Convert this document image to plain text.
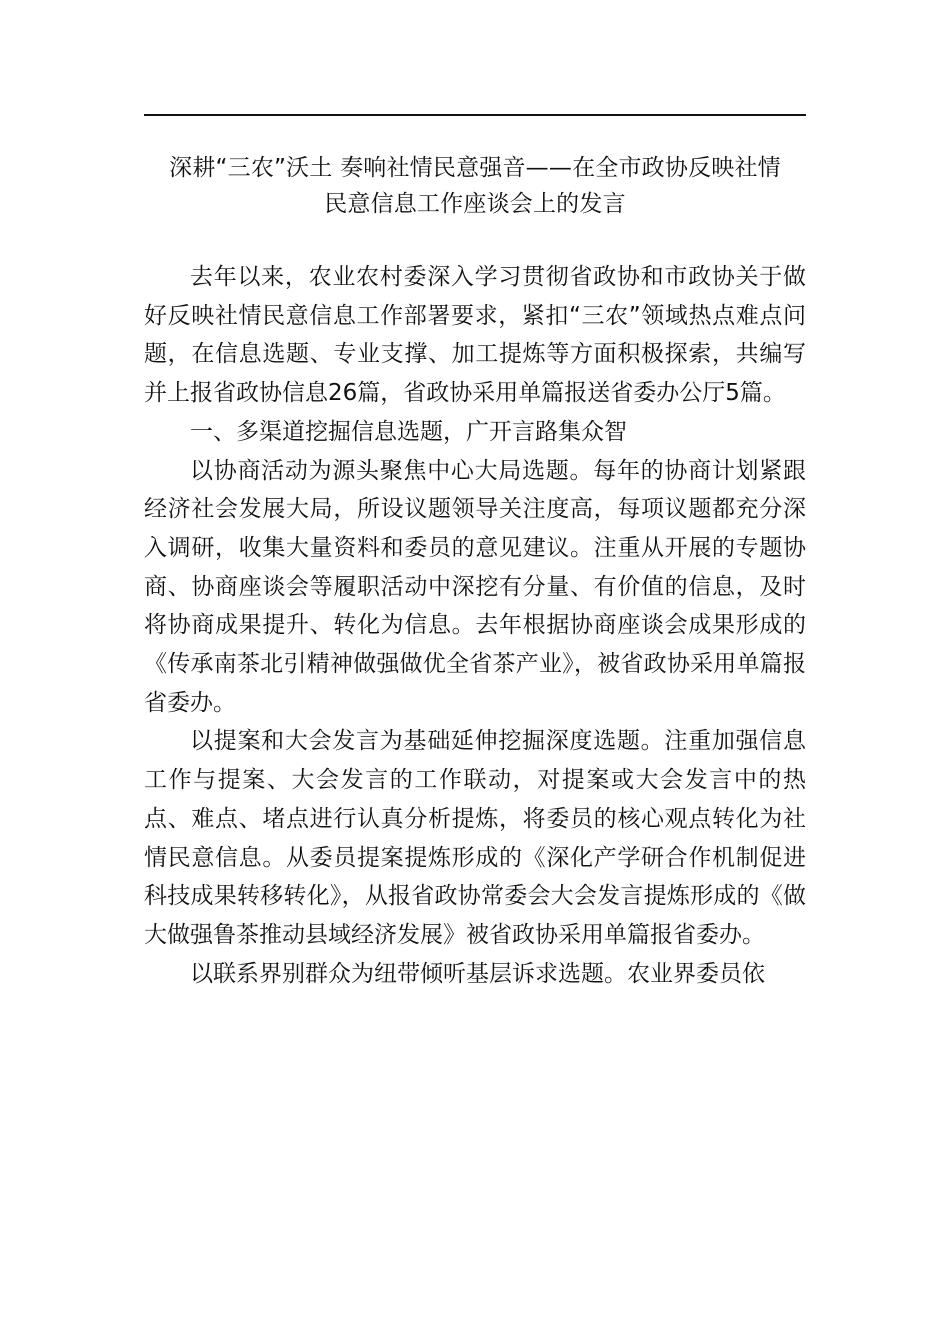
深耕“三农”沃土 奏响社情民意强音——在全市政协反映社情
民意信息工作座谈会上的发言

去年以来，农业农村委深入学习贯彻省政协和市政协关于做好反映社情民意信息工作部署要求，紧扣“三农”领域热点难点问题，在信息选题、专业支撑、加工提炼等方面积极探索，共编写并上报省政协信息26篇，省政协采用单篇报送省委办公厅5篇。

一、多渠道挖掘信息选题，广开言路集众智

以协商活动为源头聚焦中心大局选题。每年的协商计划紧跟经济社会发展大局，所设议题领导关注度高，每项议题都充分深入调研，收集大量资料和委员的意见建议。注重从开展的专题协商、协商座谈会等履职活动中深挖有分量、有价值的信息，及时将协商成果提升、转化为信息。去年根据协商座谈会成果形成的《传承南茶北引精神做强做优全省茶产业》，被省政协采用单篇报省委办。

以提案和大会发言为基础延伸挖掘深度选题。注重加强信息工作与提案、大会发言的工作联动，对提案或大会发言中的热点、难点、堵点进行认真分析提炼，将委员的核心观点转化为社情民意信息。从委员提案提炼形成的《深化产学研合作机制促进科技成果转移转化》，从报省政协常委会大会发言提炼形成的《做大做强鲁茶推动县域经济发展》被省政协采用单篇报省委办。

以联系界别群众为纽带倾听基层诉求选题。农业界委员依
